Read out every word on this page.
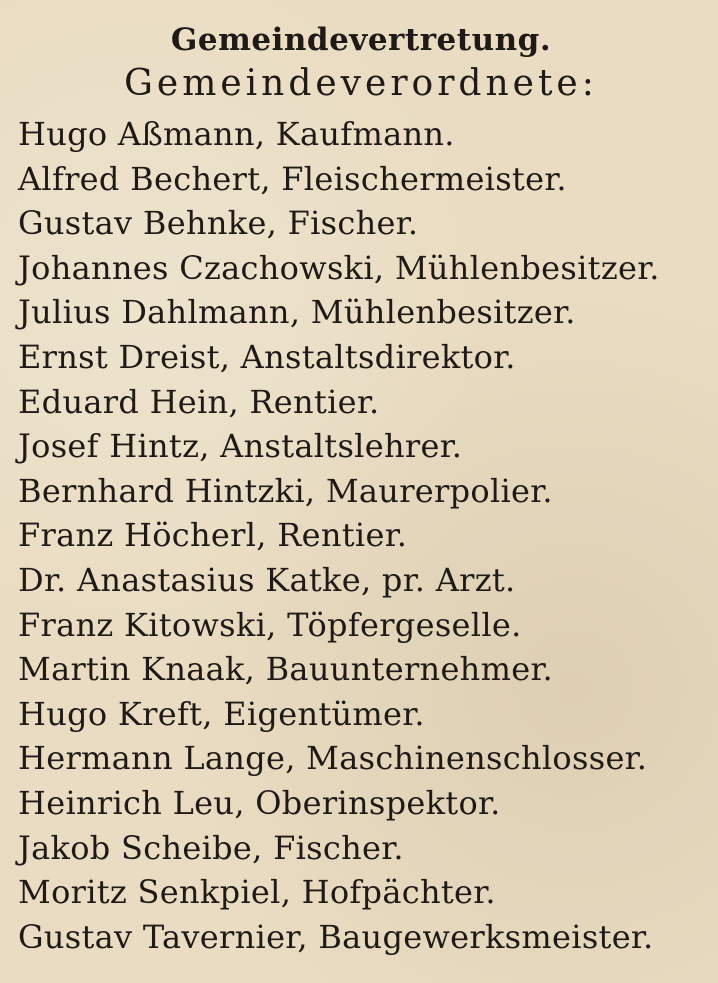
Gemeindevertretung.
Gemeindeverordnete:
Hugo Aßmann, Kaufmann.
Alfred Bechert, Fleischermeister.
Gustav Behnke, Fischer.
Johannes Czachowski, Mühlenbesitzer.
Julius Dahlmann, Mühlenbesitzer.
Ernst Dreist, Anstaltsdirektor.
Eduard Hein, Rentier.
Josef Hintz, Anstaltslehrer.
Bernhard Hintzki, Maurerpolier.
Franz Höcherl, Rentier.
Dr. Anastasius Katke, pr. Arzt.
Franz Kitowski, Töpfergeselle.
Martin Knaak, Bauunternehmer.
Hugo Kreft, Eigentümer.
Hermann Lange, Maschinenschlosser.
Heinrich Leu, Oberinspektor.
Jakob Scheibe, Fischer.
Moritz Senkpiel, Hofpächter.
Gustav Tavernier, Baugewerksmeister.
